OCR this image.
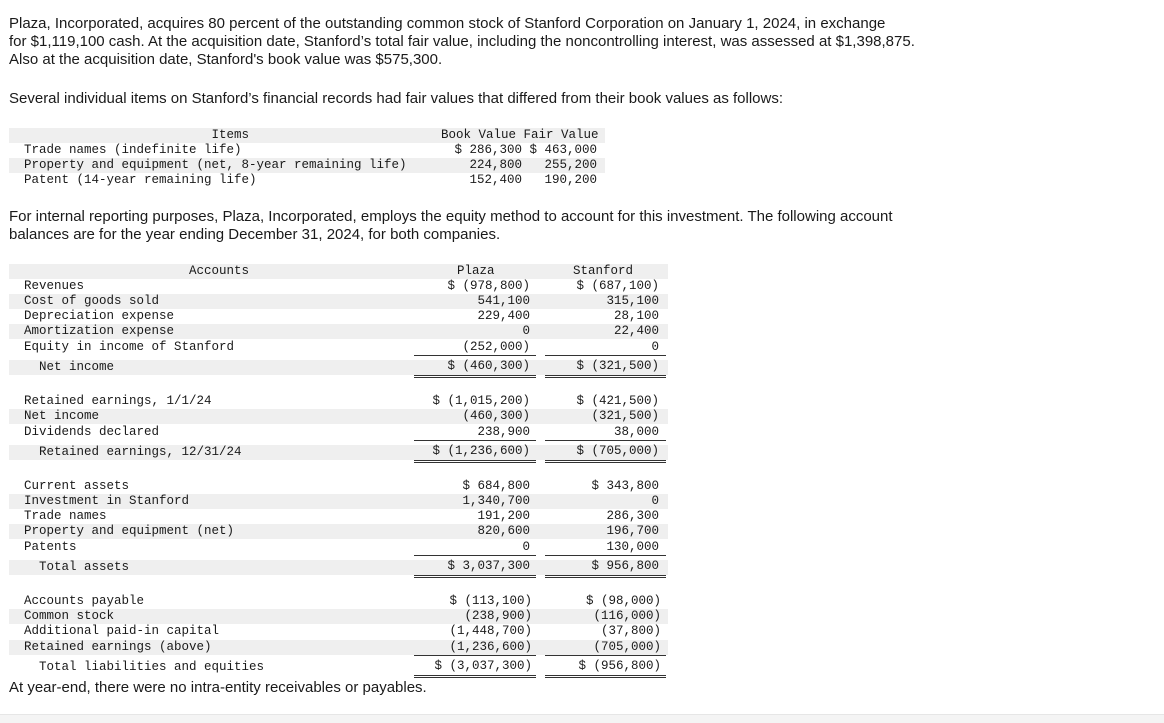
Plaza, Incorporated, acquires 80 percent of the outstanding common stock of Stanford Corporation on January 1, 2024, in exchange

for $1,119,100 cash. At the acquisition date, Stanford’s total fair value, including the noncontrolling interest, was assessed at $1,398,875.

Also at the acquisition date, Stanford's book value was $575,300.

Several individual items on Stanford’s financial records had fair values that differed from their book values as follows:

Items	Book Value Fair Value
Trade names (indefinite life)	$ 286,300 $ 463,000
Property and equipment (net, 8-year remaining life)	224,800   255,200
Patent (14-year remaining life)	152,400   190,200

For internal reporting purposes, Plaza, Incorporated, employs the equity method to account for this investment. The following account

balances are for the year ending December 31, 2024, for both companies.

Accounts	Plaza	Stanford
Revenues	$ (978,800)	$ (687,100)
Cost of goods sold	541,100	315,100
Depreciation expense	229,400	28,100
Amortization expense	0	22,400
Equity in income of Stanford	(252,000)	0
Net income	$ (460,300)	$ (321,500)
Retained earnings, 1/1/24	$ (1,015,200)	$ (421,500)
Net income	(460,300)	(321,500)
Dividends declared	238,900	38,000
Retained earnings, 12/31/24	$ (1,236,600)	$ (705,000)
Current assets	$ 684,800	$ 343,800
Investment in Stanford	1,340,700	0
Trade names	191,200	286,300
Property and equipment (net)	820,600	196,700
Patents	0	130,000
Total assets	$ 3,037,300	$ 956,800
Accounts payable	$ (113,100)	$ (98,000)
Common stock	(238,900)	(116,000)
Additional paid-in capital	(1,448,700)	(37,800)
Retained earnings (above)	(1,236,600)	(705,000)
Total liabilities and equities	$ (3,037,300)	$ (956,800)

At year-end, there were no intra-entity receivables or payables.
